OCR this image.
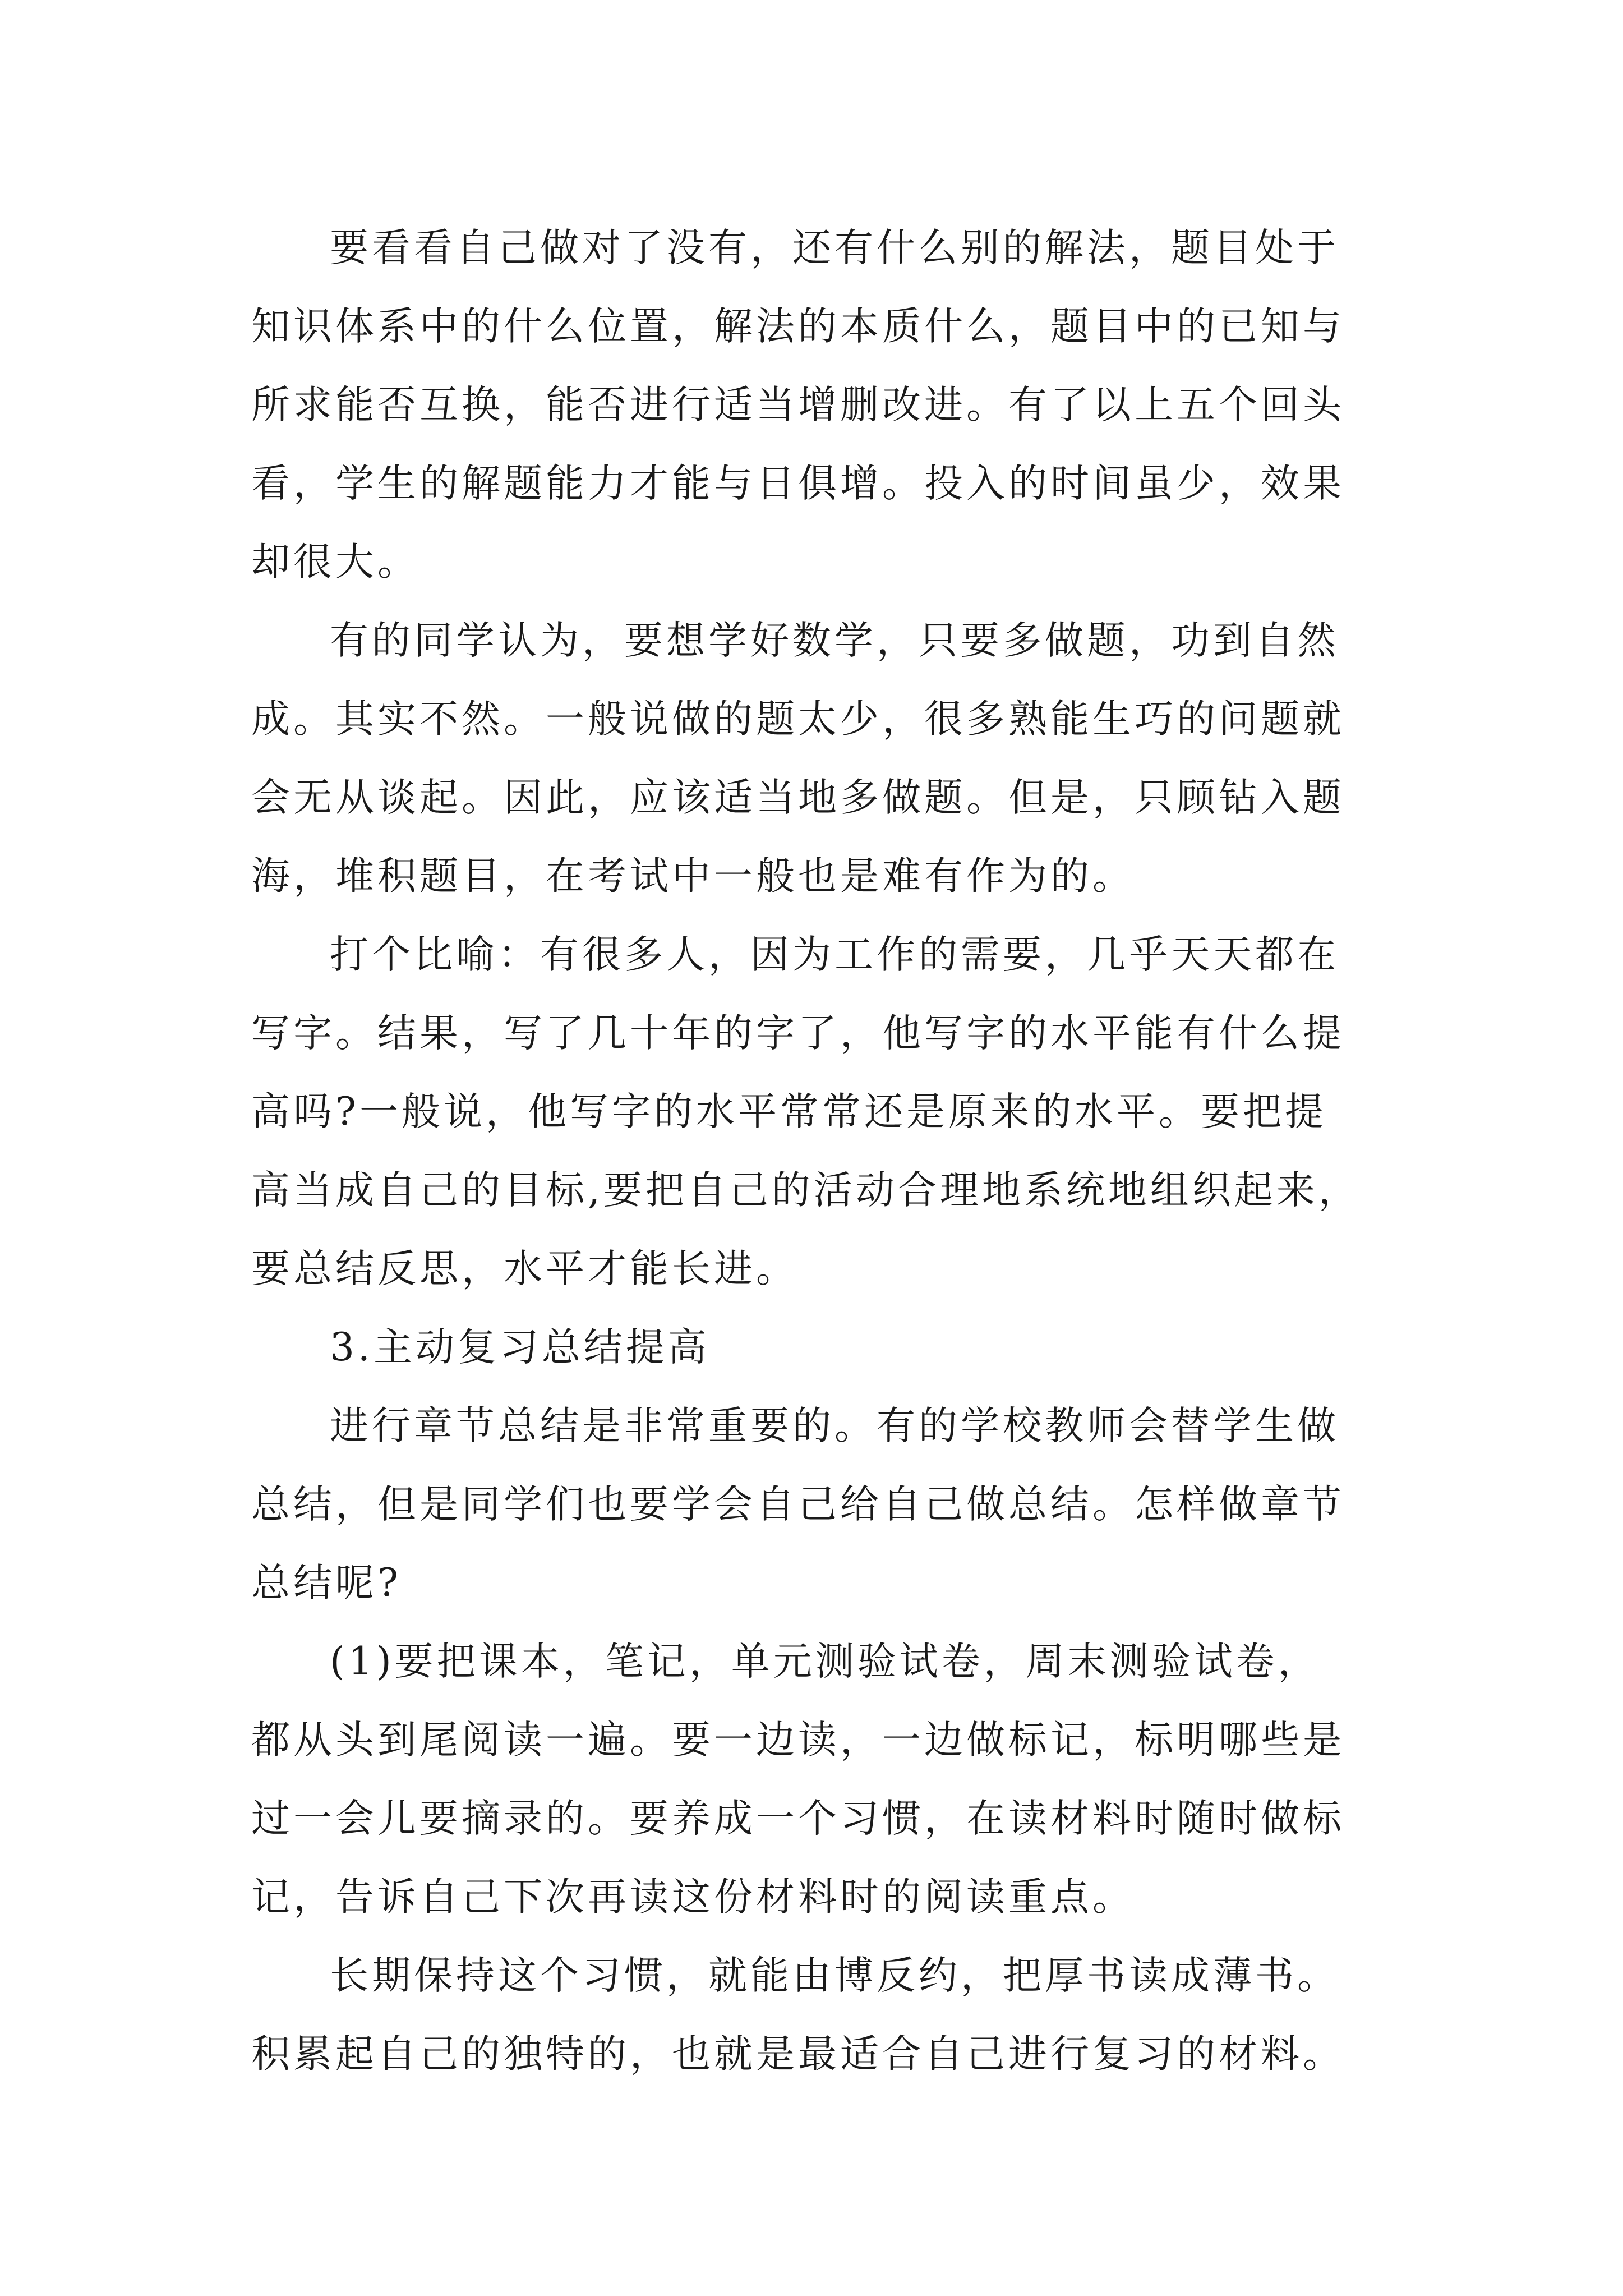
要看看自己做对了没有，还有什么别的解法，题目处于
知识体系中的什么位置，解法的本质什么，题目中的已知与
所求能否互换，能否进行适当增删改进。有了以上五个回头
看，学生的解题能力才能与日俱增。投入的时间虽少，效果
却很大。
有的同学认为，要想学好数学，只要多做题，功到自然
成。其实不然。一般说做的题太少，很多熟能生巧的问题就
会无从谈起。因此，应该适当地多做题。但是，只顾钻入题
海，堆积题目，在考试中一般也是难有作为的。
打个比喻：有很多人，因为工作的需要，几乎天天都在
写字。结果，写了几十年的字了，他写字的水平能有什么提
高吗?一般说，他写字的水平常常还是原来的水平。要把提
高当成自己的目标,要把自己的活动合理地系统地组织起来，
要总结反思，水平才能长进。
3.主动复习总结提高
进行章节总结是非常重要的。有的学校教师会替学生做
总结，但是同学们也要学会自己给自己做总结。怎样做章节
总结呢?
(1)要把课本，笔记，单元测验试卷，周末测验试卷，
都从头到尾阅读一遍。要一边读，一边做标记，标明哪些是
过一会儿要摘录的。要养成一个习惯，在读材料时随时做标
记，告诉自己下次再读这份材料时的阅读重点。
长期保持这个习惯，就能由博反约，把厚书读成薄书。
积累起自己的独特的，也就是最适合自己进行复习的材料。
